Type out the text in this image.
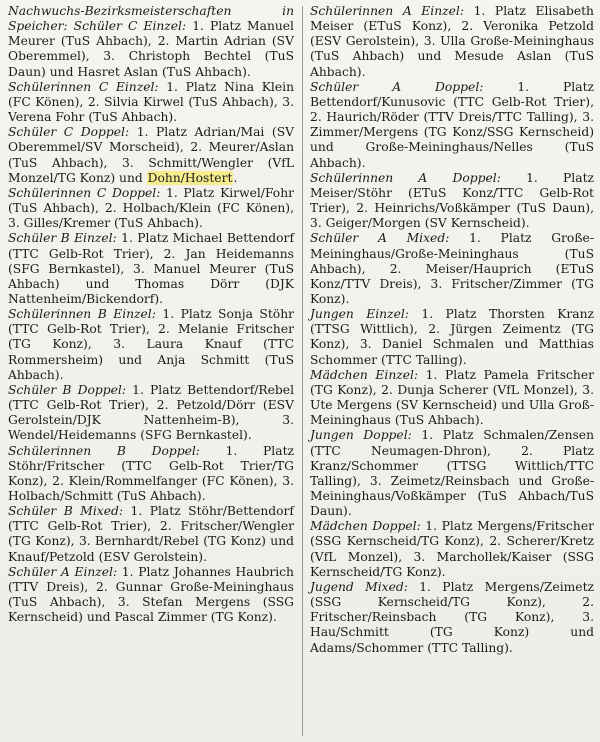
Nachwuchs-Bezirksmeisterschaften in Speicher: Schüler C Einzel: 1. Platz Manuel Meurer (TuS Ahbach), 2. Martin Adrian (SV Oberemmel), 3. Christoph Bechtel (TuS Daun) und Hasret Aslan (TuS Ahbach).

Schülerinnen C Einzel: 1. Platz Nina Klein (FC Könen), 2. Silvia Kirwel (TuS Ahbach), 3. Verena Fohr (TuS Ahbach).

Schüler C Doppel: 1. Platz Adrian/Mai (SV Oberemmel/SV Morscheid), 2. Meurer/Aslan (TuS Ahbach), 3. Schmitt/Wengler (VfL Monzel/TG Konz) und Dohn/Hostert.

Schülerinnen C Doppel: 1. Platz Kirwel/Fohr (TuS Ahbach), 2. Holbach/Klein (FC Könen), 3. Gilles/Kremer (TuS Ahbach).

Schüler B Einzel: 1. Platz Michael Bettendorf (TTC Gelb-Rot Trier), 2. Jan Heidemanns (SFG Bernkastel), 3. Manuel Meurer (TuS Ahbach) und Thomas Dörr (DJK Nattenheim/Bickendorf).

Schülerinnen B Einzel: 1. Platz Sonja Stöhr (TTC Gelb-Rot Trier), 2. Melanie Fritscher (TG Konz), 3. Laura Knauf (TTC Rommersheim) und Anja Schmitt (TuS Ahbach).

Schüler B Doppel: 1. Platz Bettendorf/Rebel (TTC Gelb-Rot Trier), 2. Petzold/Dörr (ESV Gerolstein/DJK Nattenheim-B), 3. Wendel/Heidemanns (SFG Bernkastel).

Schülerinnen B Doppel: 1. Platz Stöhr/Fritscher (TTC Gelb-Rot Trier/TG Konz), 2. Klein/Rommelfanger (FC Könen), 3. Holbach/Schmitt (TuS Ahbach).

Schüler B Mixed: 1. Platz Stöhr/Bettendorf (TTC Gelb-Rot Trier), 2. Fritscher/Wengler (TG Konz), 3. Bernhardt/Rebel (TG Konz) und Knauf/Petzold (ESV Gerolstein).

Schüler A Einzel: 1. Platz Johannes Haubrich (TTV Dreis), 2. Gunnar Große-Meininghaus (TuS Ahbach), 3. Stefan Mergens (SSG Kernscheid) und Pascal Zimmer (TG Konz).

Schülerinnen A Einzel: 1. Platz Elisabeth Meiser (ETuS Konz), 2. Veronika Petzold (ESV Gerolstein), 3. Ulla Große-Meininghaus (TuS Ahbach) und Mesude Aslan (TuS Ahbach).

Schüler A Doppel: 1. Platz Bettendorf/Kunusovic (TTC Gelb-Rot Trier), 2. Haurich/Röder (TTV Dreis/TTC Talling), 3. Zimmer/Mergens (TG Konz/SSG Kernscheid) und Große-Meininghaus/Nelles (TuS Ahbach).

Schülerinnen A Doppel: 1. Platz Meiser/Stöhr (ETuS Konz/TTC Gelb-Rot Trier), 2. Heinrichs/Voßkämper (TuS Daun), 3. Geiger/Morgen (SV Kernscheid).

Schüler A Mixed: 1. Platz Große-Meininghaus/Große-Meininghaus (TuS Ahbach), 2. Meiser/Hauprich (ETuS Konz/TTV Dreis), 3. Fritscher/Zimmer (TG Konz).

Jungen Einzel: 1. Platz Thorsten Kranz (TTSG Wittlich), 2. Jürgen Zeimentz (TG Konz), 3. Daniel Schmalen und Matthias Schommer (TTC Talling).

Mädchen Einzel: 1. Platz Pamela Fritscher (TG Konz), 2. Dunja Scherer (VfL Monzel), 3. Ute Mergens (SV Kernscheid) und Ulla Groß-Meininghaus (TuS Ahbach).

Jungen Doppel: 1. Platz Schmalen/Zensen (TTC Neumagen-Dhron), 2. Platz Kranz/Schommer (TTSG Wittlich/TTC Talling), 3. Zeimetz/Reinsbach und Große-Meininghaus/Voßkämper (TuS Ahbach/TuS Daun).

Mädchen Doppel: 1. Platz Mergens/Fritscher (SSG Kernscheid/TG Konz), 2. Scherer/Kretz (VfL Monzel), 3. Marchollek/Kaiser (SSG Kernscheid/TG Konz).

Jugend Mixed: 1. Platz Mergens/Zeimetz (SSG Kernscheid/TG Konz), 2. Fritscher/Reinsbach (TG Konz), 3. Hau/Schmitt (TG Konz) und Adams/Schommer (TTC Talling).
